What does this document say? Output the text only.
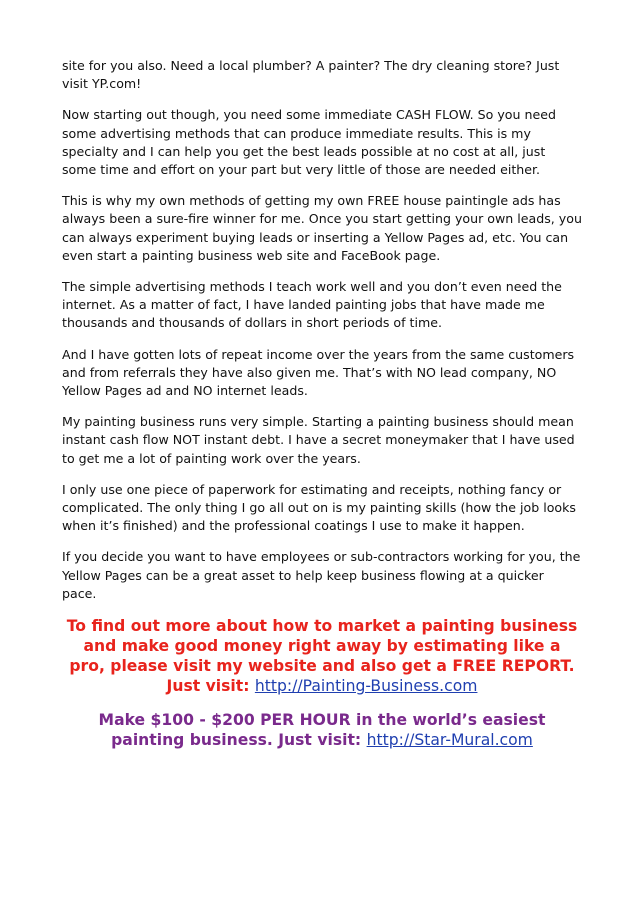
site for you also. Need a local plumber? A painter? The dry cleaning store? Just visit YP.com!

Now starting out though, you need some immediate CASH FLOW. So you need some advertising methods that can produce immediate results. This is my specialty and I can help you get the best leads possible at no cost at all, just some time and effort on your part but very little of those are needed either.

This is why my own methods of getting my own FREE house paintingle ads has always been a sure-fire winner for me. Once you start getting your own leads, you can always experiment buying leads or inserting a Yellow Pages ad, etc. You can even start a painting business web site and FaceBook page.

The simple advertising methods I teach work well and you don’t even need the internet. As a matter of fact, I have landed painting jobs that have made me thousands and thousands of dollars in short periods of time.

And I have gotten lots of repeat income over the years from the same customers and from referrals they have also given me. That’s with NO lead company, NO Yellow Pages ad and NO internet leads.

My painting business runs very simple. Starting a painting business should mean instant cash flow NOT instant debt. I have a secret moneymaker that I have used to get me a lot of painting work over the years.

I only use one piece of paperwork for estimating and receipts, nothing fancy or complicated. The only thing I go all out on is my painting skills (how the job looks when it’s finished) and the professional coatings I use to make it happen.

If you decide you want to have employees or sub-contractors working for you, the Yellow Pages can be a great asset to help keep business flowing at a quicker pace.

To find out more about how to market a painting business and make good money right away by estimating like a pro, please visit my website and also get a FREE REPORT. Just visit: http://Painting-Business.com

Make $100 - $200 PER HOUR in the world’s easiest painting business. Just visit: http://Star-Mural.com
